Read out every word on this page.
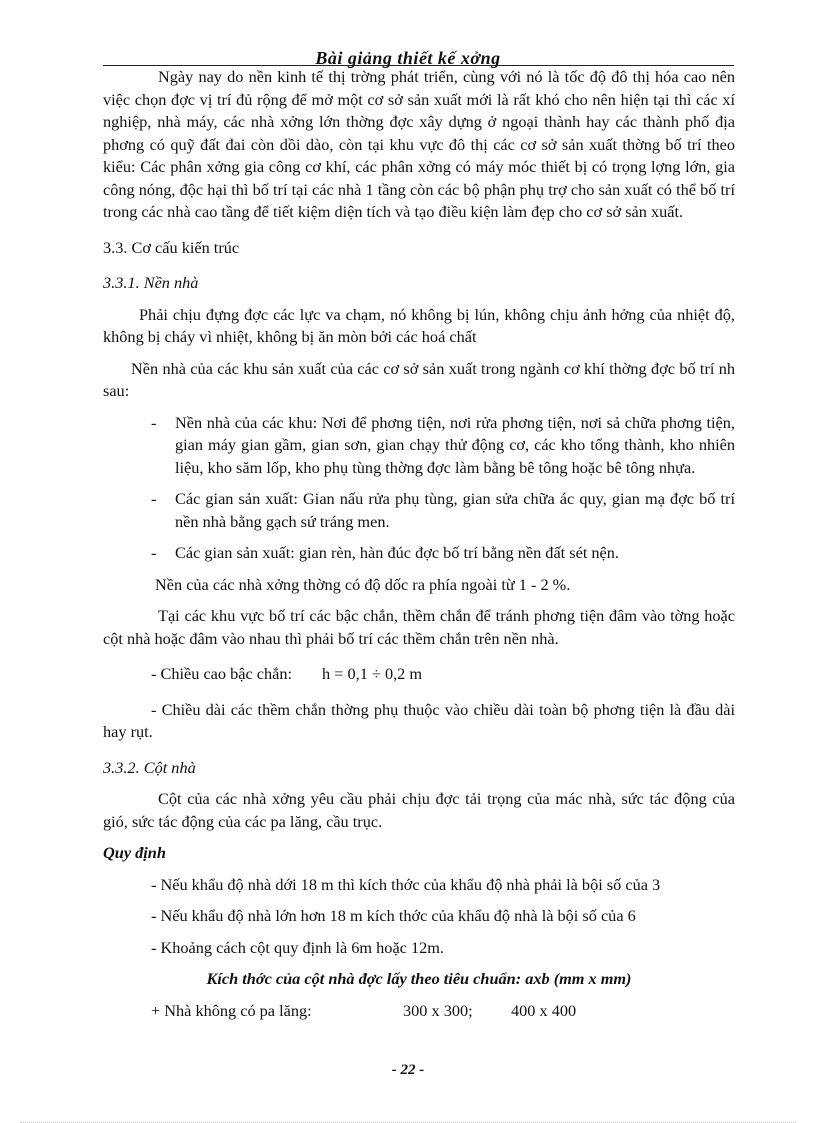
Bài giảng thiết kế xởng

Ngày nay do nền kinh tế thị trờng phát triển, cùng với nó là tốc độ đô thị hóa cao nên việc chọn đợc vị trí đủ rộng để mở một cơ sở sản xuất mới là rất khó cho nên hiện tại thì các xí nghiệp, nhà máy, các nhà xởng lớn thờng đợc xây dựng ở ngoại thành hay các thành phố địa phơng có quỹ đất đai còn dồi dào, còn tại khu vực đô thị các cơ sở sản xuất thờng bố trí theo kiểu: Các phân xởng gia công cơ khí, các phân xởng có máy móc thiết bị có trọng lợng lớn, gia công nóng, độc hại thì bố trí tại các nhà 1 tầng còn các bộ phận phụ trợ cho sản xuất có thể bố trí trong các nhà cao tầng để tiết kiệm diện tích và tạo điều kiện làm đẹp cho cơ sở sản xuất.

3.3. Cơ cấu kiến trúc

3.3.1. Nền nhà

Phải chịu đựng đợc các lực va chạm, nó không bị lún, không chịu ảnh hởng của nhiệt độ, không bị cháy vì nhiệt, không bị ăn mòn bởi các hoá chất

Nền nhà của các khu sản xuất của các cơ sở sản xuất trong ngành cơ khí thờng đợc bố trí nh sau:

- Nền nhà của các khu: Nơi để phơng tiện, nơi rửa phơng tiện, nơi sả chữa phơng tiện, gian máy gian gầm, gian sơn, gian chạy thử động cơ, các kho tổng thành, kho nhiên liệu, kho săm lốp, kho phụ tùng thờng đợc làm bằng bê tông hoặc bê tông nhựa.
- Các gian sản xuất: Gian nấu rửa phụ tùng, gian sửa chữa ác quy, gian mạ đợc bố trí nền nhà bằng gạch sứ tráng men.
- Các gian sản xuất: gian rèn, hàn đúc đợc bố trí bằng nền đất sét nện.

Nền của các nhà xởng thờng có độ dốc ra phía ngoài từ 1 - 2 %.

Tại các khu vực bố trí các bậc chắn, thềm chắn để tránh phơng tiện đâm vào tờng hoặc cột nhà hoặc đâm vào nhau thì phải bố trí các thềm chắn trên nền nhà.

- Chiều cao bậc chắn: h = 0,1 ÷ 0,2 m

- Chiều dài các thềm chắn thờng phụ thuộc vào chiều dài toàn bộ phơng tiện là đầu dài hay rụt.

3.3.2. Cột nhà

Cột của các nhà xởng yêu cầu phải chịu đợc tải trọng của mác nhà, sức tác động của gió, sức tác động của các pa lăng, cầu trục.

Quy định

- Nếu khẩu độ nhà dới 18 m thì kích thớc của khẩu độ nhà phải là bội số của 3

- Nếu khẩu độ nhà lớn hơn 18 m kích thớc của khẩu độ nhà là bội số của 6

- Khoảng cách cột quy định là 6m hoặc 12m.

Kích thớc của cột nhà đợc lấy theo tiêu chuẩn: axb (mm x mm)

+ Nhà không có pa lăng:	300 x 300; 400 x 400

- 22 -
